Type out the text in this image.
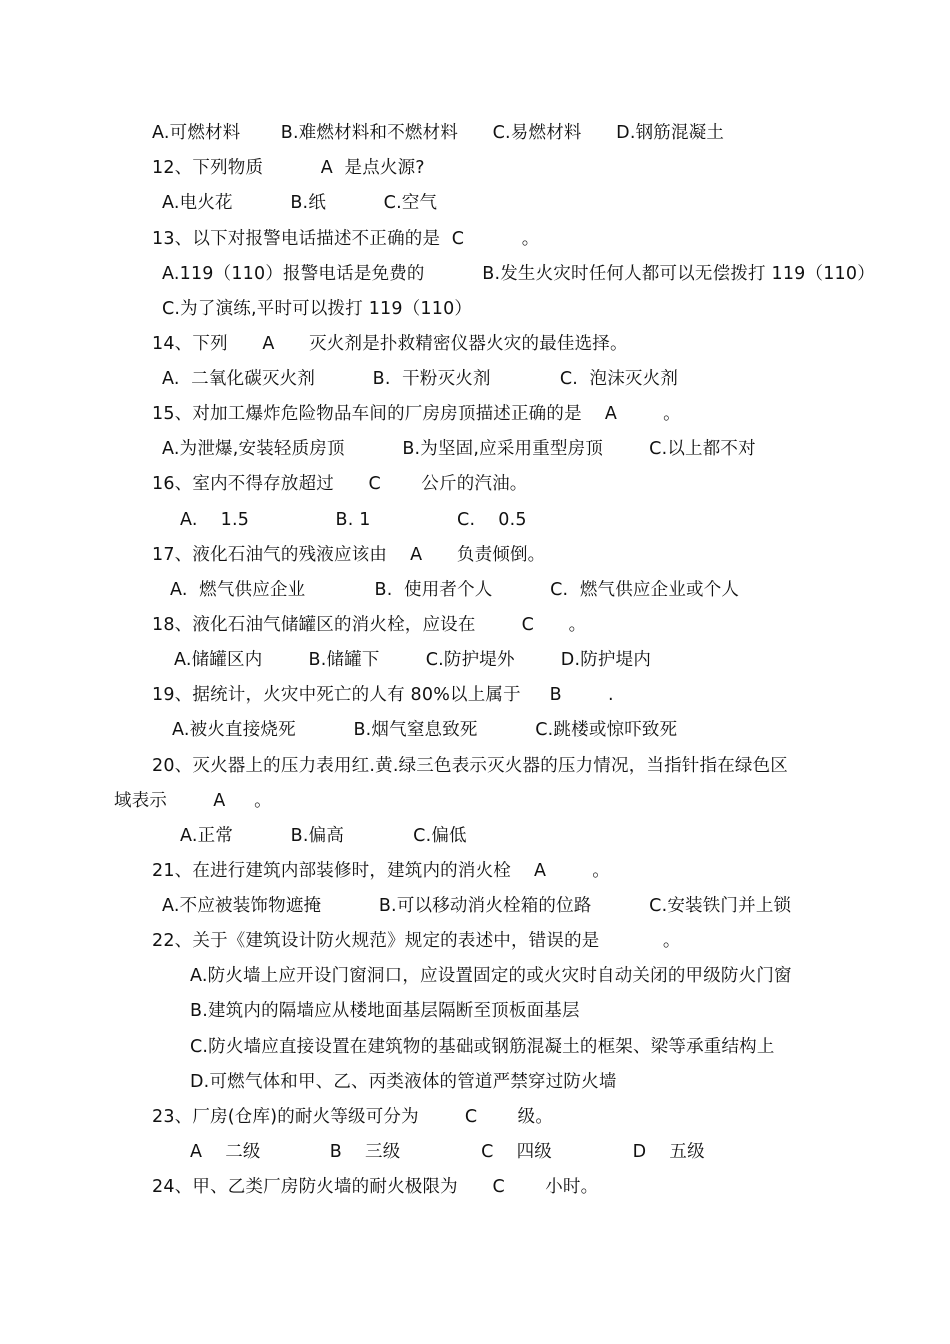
A.可燃材料       B.难燃材料和不燃材料      C.易燃材料      D.钢筋混凝土
12、下列物质          A  是点火源?
A.电火花          B.纸          C.空气
13、以下对报警电话描述不正确的是  C          。
A.119（110）报警电话是免费的          B.发生火灾时任何人都可以无偿拨打 119（110）
C.为了演练,平时可以拨打 119（110）
14、下列      A      灭火剂是扑救精密仪器火灾的最佳选择。
A.  二氧化碳灭火剂          B.  干粉灭火剂            C.  泡沫灭火剂
15、对加工爆炸危险物品车间的厂房房顶描述正确的是    A        。
A.为泄爆,安装轻质房顶          B.为坚固,应采用重型房顶        C.以上都不对
16、室内不得存放超过      C       公斤的汽油。
A.    1.5               B. 1               C.    0.5
17、液化石油气的残液应该由    A      负责倾倒。
A.  燃气供应企业            B.  使用者个人          C.  燃气供应企业或个人
18、液化石油气储罐区的消火栓，应设在        C      。
A.储罐区内        B.储罐下        C.防护堤外        D.防护堤内
19、据统计，火灾中死亡的人有 80%以上属于     B        .
A.被火直接烧死          B.烟气窒息致死          C.跳楼或惊吓致死
20、灭火器上的压力表用红.黄.绿三色表示灭火器的压力情况，当指针指在绿色区
域表示        A     。
A.正常          B.偏高            C.偏低
21、在进行建筑内部装修时，建筑内的消火栓    A        。
A.不应被装饰物遮掩          B.可以移动消火栓箱的位路          C.安装铁门并上锁
22、关于《建筑设计防火规范》规定的表述中，错误的是           。
A.防火墙上应开设门窗洞口，应设置固定的或火灾时自动关闭的甲级防火门窗
B.建筑内的隔墙应从楼地面基层隔断至顶板面基层
C.防火墙应直接设置在建筑物的基础或钢筋混凝土的框架、梁等承重结构上
D.可燃气体和甲、乙、丙类液体的管道严禁穿过防火墙
23、厂房(仓库)的耐火等级可分为        C       级。
A    二级            B    三级              C    四级              D    五级
24、甲、乙类厂房防火墙的耐火极限为      C       小时。
